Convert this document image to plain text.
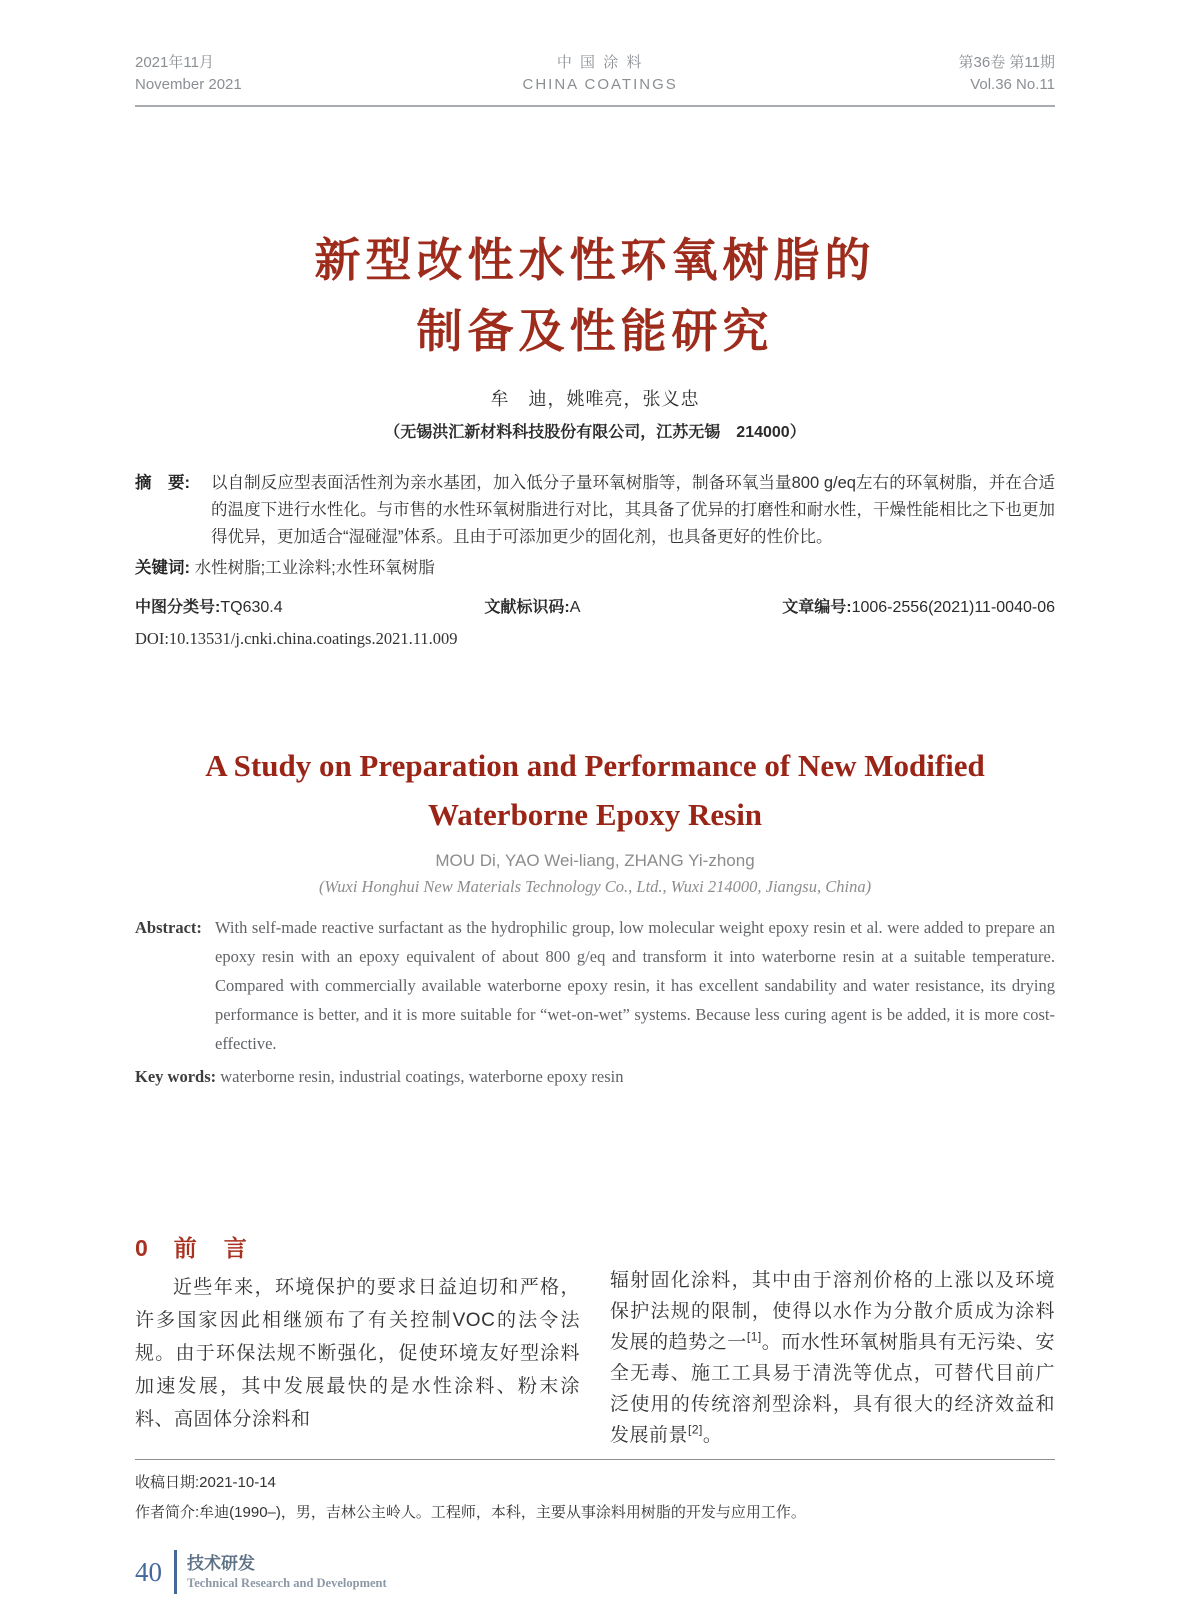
2021年11月
November 2021
中 国 涂 料
CHINA COATINGS
第36卷 第11期
Vol.36 No.11
新型改性水性环氧树脂的
制备及性能研究
牟　迪，姚唯亮，张义忠
（无锡洪汇新材料科技股份有限公司，江苏无锡　214000）
摘　要: 以自制反应型表面活性剂为亲水基团，加入低分子量环氧树脂等，制备环氧当量800 g/eq左右的环氧树脂，并在合适的温度下进行水性化。与市售的水性环氧树脂进行对比，其具备了优异的打磨性和耐水性，干燥性能相比之下也更加得优异，更加适合“湿碰湿”体系。且由于可添加更少的固化剂，也具备更好的性价比。
关键词: 水性树脂;工业涂料;水性环氧树脂
中图分类号:TQ630.4	文献标识码:A	文章编号:1006-2556(2021)11-0040-06
DOI:10.13531/j.cnki.china.coatings.2021.11.009
A Study on Preparation and Performance of New Modified Waterborne Epoxy Resin
MOU Di, YAO Wei-liang, ZHANG Yi-zhong
(Wuxi Honghui New Materials Technology Co., Ltd., Wuxi 214000, Jiangsu, China)
Abstract: With self-made reactive surfactant as the hydrophilic group, low molecular weight epoxy resin et al. were added to prepare an epoxy resin with an epoxy equivalent of about 800 g/eq and transform it into waterborne resin at a suitable temperature. Compared with commercially available waterborne epoxy resin, it has excellent sandability and water resistance, its drying performance is better, and it is more suitable for “wet-on-wet” systems. Because less curing agent is be added, it is more cost-effective.
Key words: waterborne resin, industrial coatings, waterborne epoxy resin
0 前　言

近些年来，环境保护的要求日益迫切和严格，许多国家因此相继颁布了有关控制VOC的法令法规。由于环保法规不断强化，促使环境友好型涂料加速发展，其中发展最快的是水性涂料、粉末涂料、高固体分涂料和

辐射固化涂料，其中由于溶剂价格的上涨以及环境保护法规的限制，使得以水作为分散介质成为涂料发展的趋势之一[1]。而水性环氧树脂具有无污染、安全无毒、施工工具易于清洗等优点，可替代目前广泛使用的传统溶剂型涂料，具有很大的经济效益和发展前景[2]。

收稿日期:2021-10-14
作者简介:牟迪(1990–)，男，吉林公主岭人。工程师，本科，主要从事涂料用树脂的开发与应用工作。
40 技术研发
Technical Research and Development
